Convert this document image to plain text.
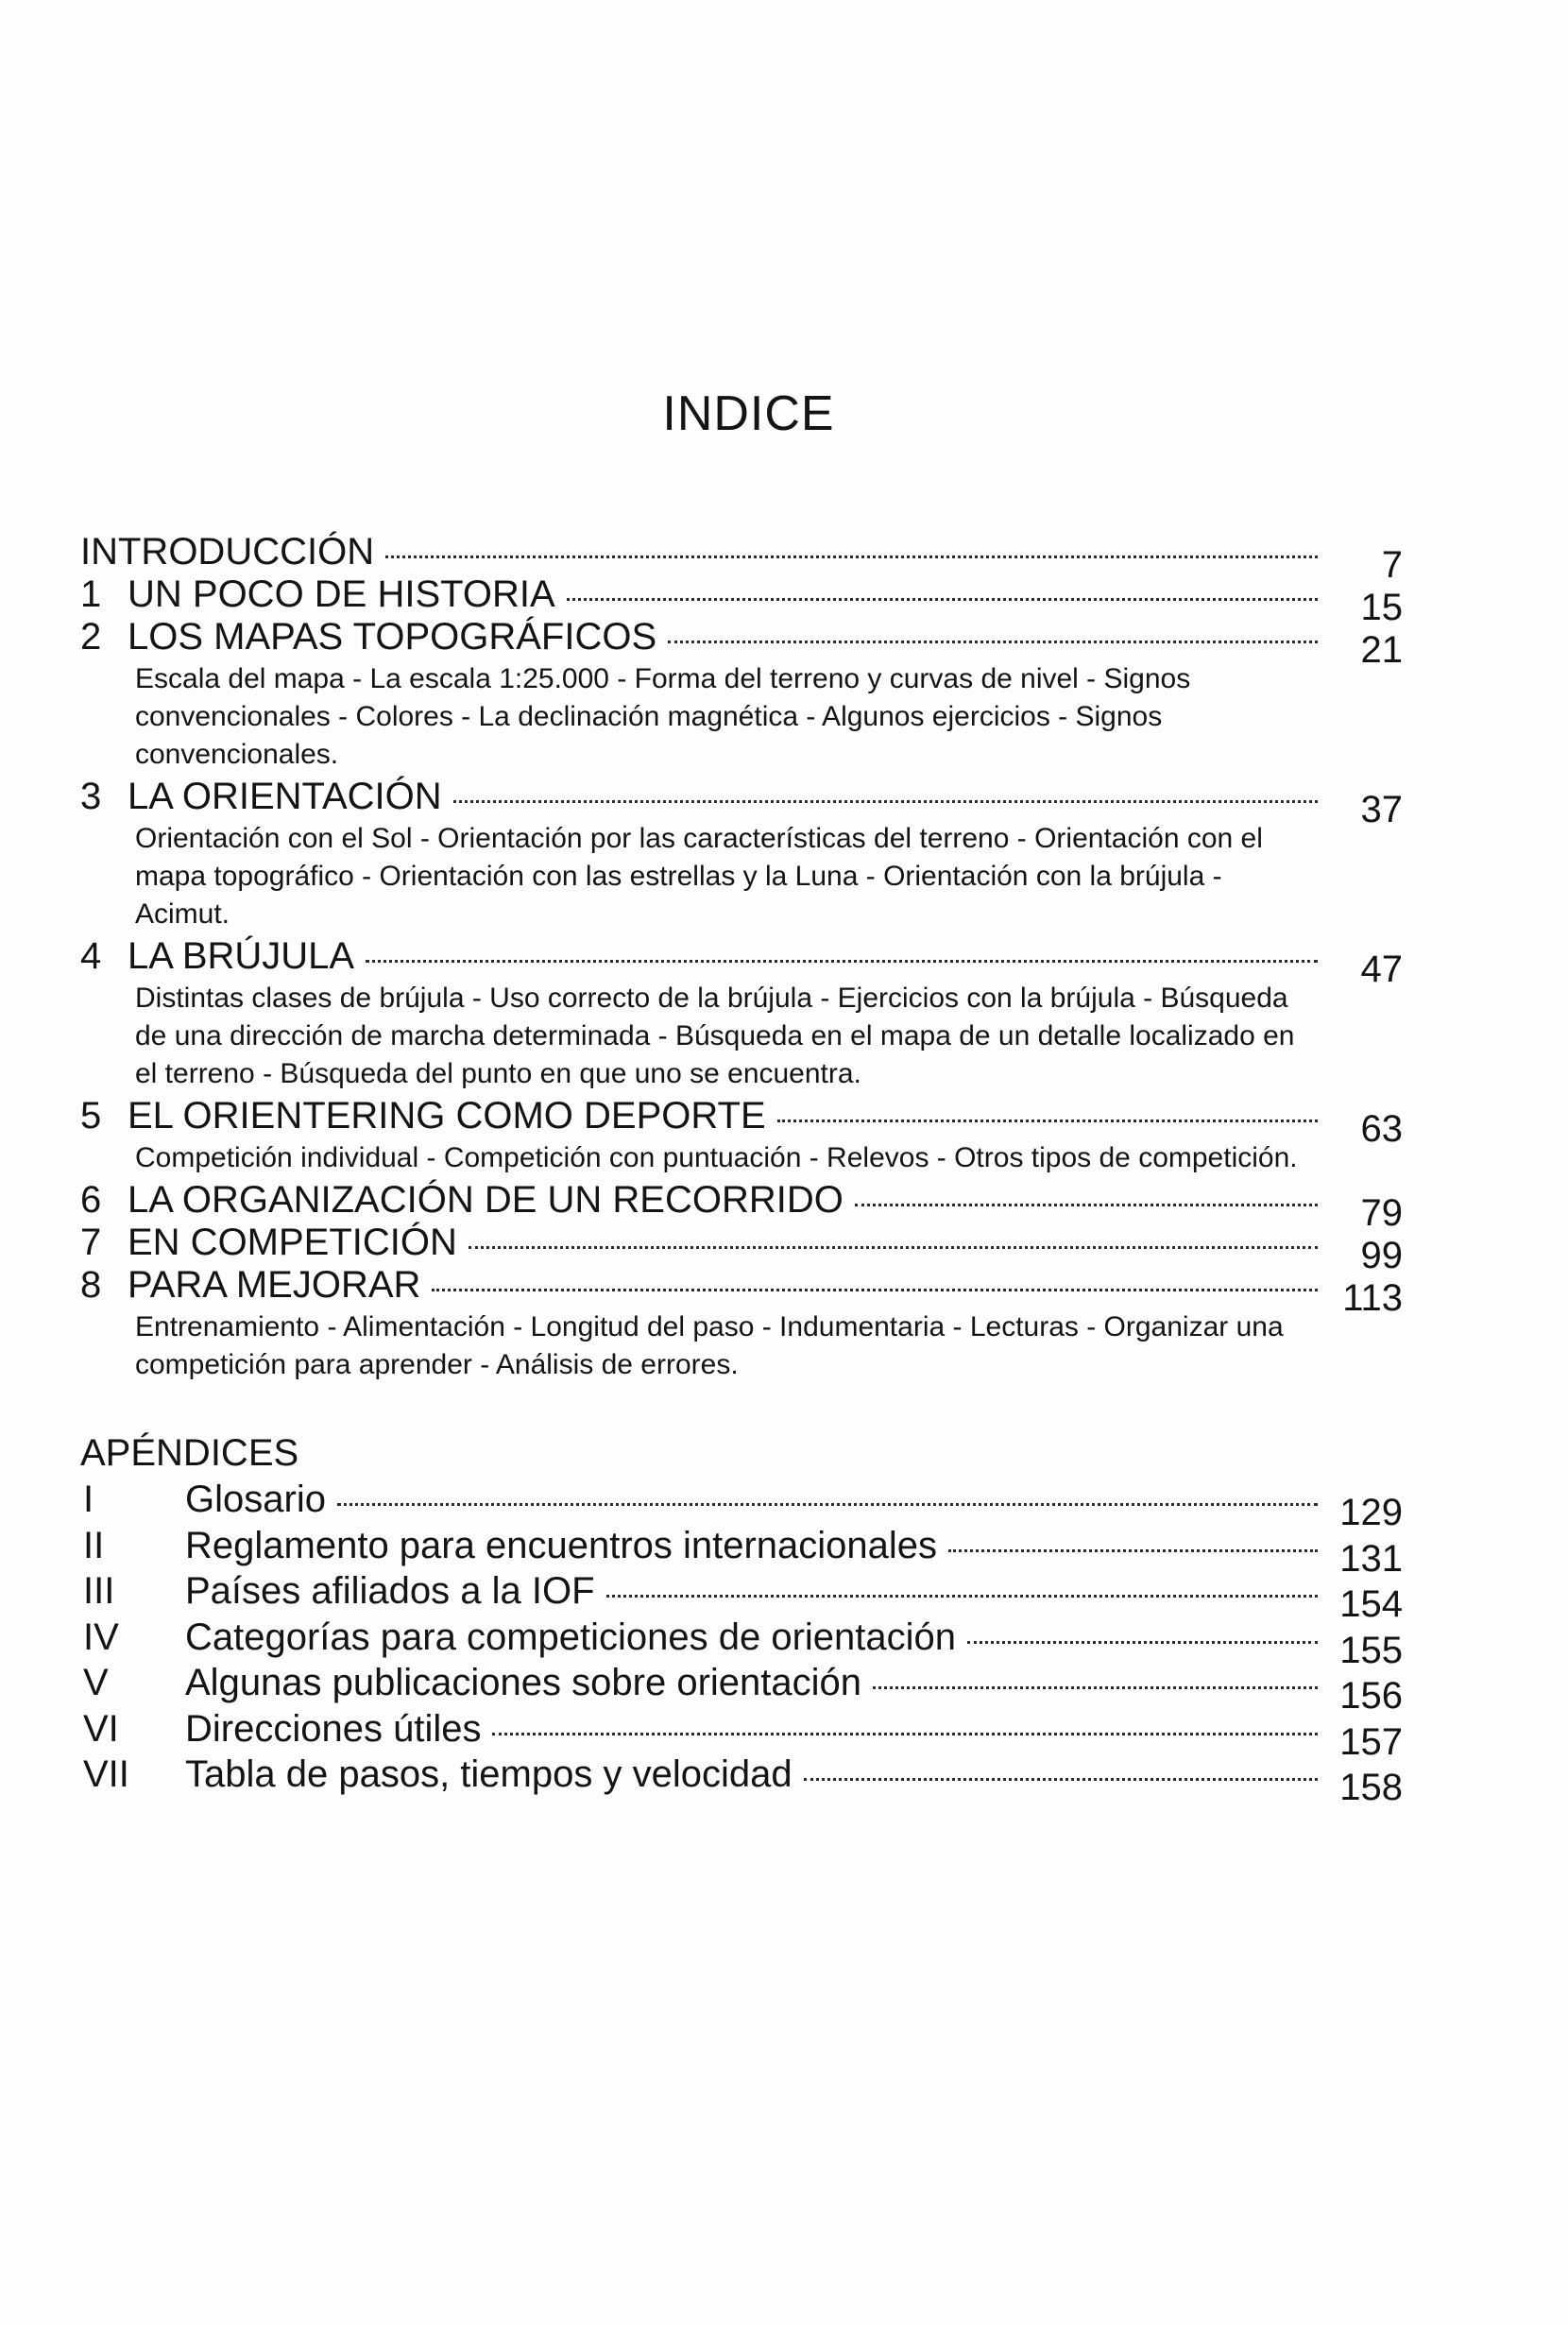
INDICE
INTRODUCCIÓN	7
1 UN POCO DE HISTORIA	15
2 LOS MAPAS TOPOGRÁFICOS	21
Escala del mapa - La escala 1:25.000 - Forma del terreno y curvas de nivel - Signos convencionales - Colores - La declinación magnética - Algunos ejercicios - Signos convencionales.
3 LA ORIENTACIÓN	37
Orientación con el Sol - Orientación por las características del terreno - Orientación con el mapa topográfico - Orientación con las estrellas y la Luna - Orientación con la brújula - Acimut.
4 LA BRÚJULA	47
Distintas clases de brújula - Uso correcto de la brújula - Ejercicios con la brújula - Búsqueda de una dirección de marcha determinada - Búsqueda en el mapa de un detalle localizado en el terreno - Búsqueda del punto en que uno se encuentra.
5 EL ORIENTERING COMO DEPORTE	63
Competición individual - Competición con puntuación - Relevos - Otros tipos de competición.
6 LA ORGANIZACIÓN DE UN RECORRIDO	79
7 EN COMPETICIÓN	99
8 PARA MEJORAR	113
Entrenamiento - Alimentación - Longitud del paso - Indumentaria - Lecturas - Organizar una competición para aprender - Análisis de errores.
APÉNDICES
I	Glosario	129
II	Reglamento para encuentros internacionales	131
III	Países afiliados a la IOF	154
IV	Categorías para competiciones de orientación	155
V	Algunas publicaciones sobre orientación	156
VI	Direcciones útiles	157
VII	Tabla de pasos, tiempos y velocidad	158
